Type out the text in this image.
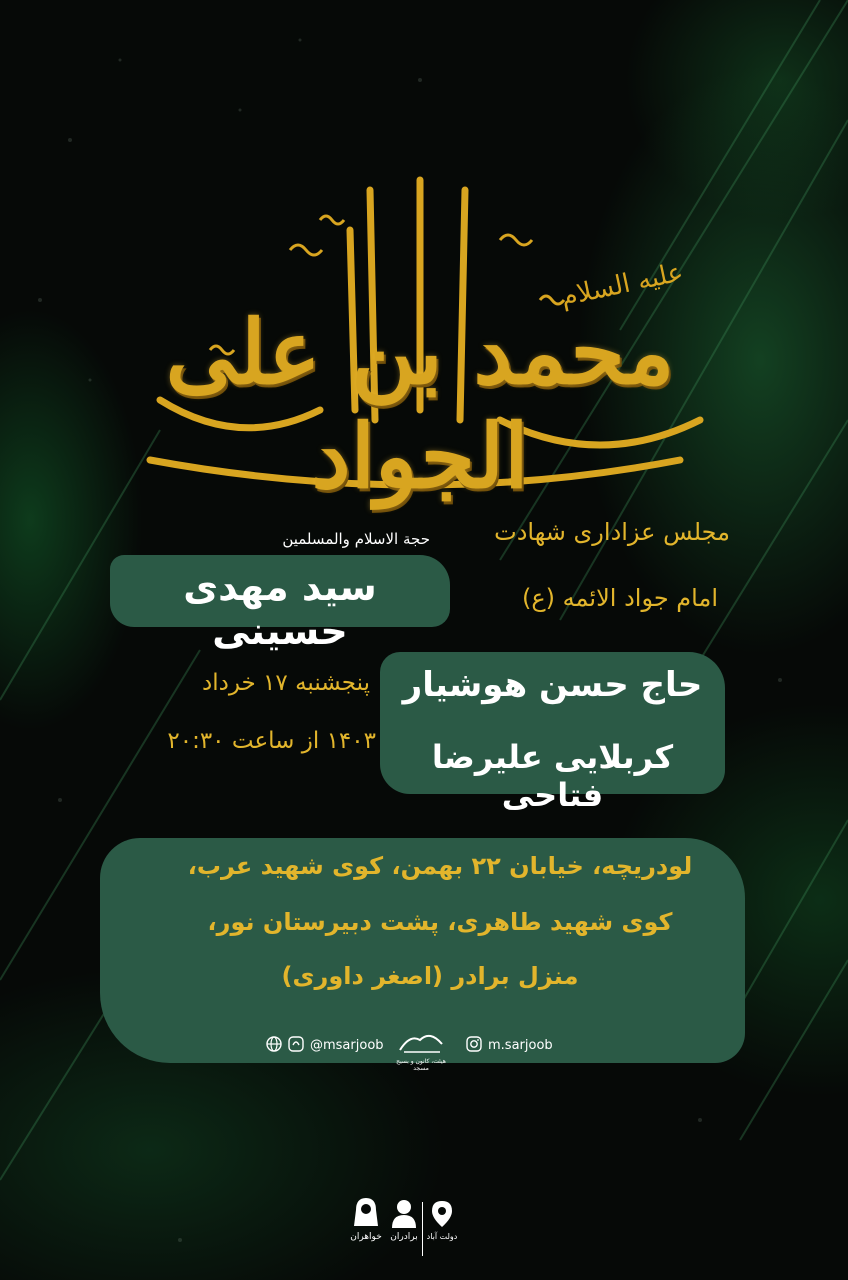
محمد بن علی الجواد
علیه السلام
مجلس عزاداری شهادت
امام جواد الائمه (ع)
حجة الاسلام والمسلمین
سید مهدی حسینی
پنجشنبه ۱۷ خرداد
۱۴۰۳ از ساعت ۲۰:۳۰
حاج حسن هوشیار
کربلایی علیرضا فتاحی
لودریچه، خیابان ۲۲ بهمن، کوی شهید عرب،
کوی شهید طاهری، پشت دبیرستان نور،
منزل برادر (اصغر داوری)
@msarjoob
هیئت، کانون و بسیج مسجد
m.sarjoob
خواهران برادران دولت آباد
